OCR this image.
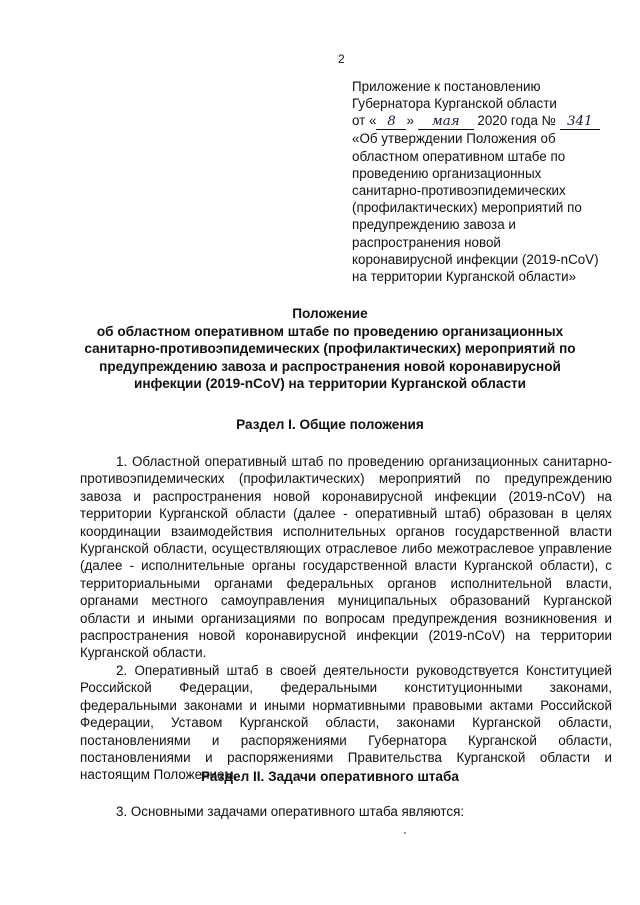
2
Приложение к постановлению
Губернатора Курганской области
от « 8 » мая 2020 года № 341
«Об утверждении Положения об
областном оперативном штабе по
проведению организационных
санитарно-противоэпидемических
(профилактических) мероприятий по
предупреждению завоза и
распространения новой
коронавирусной инфекции (2019-nCoV)
на территории Курганской области»
Положение
об областном оперативном штабе по проведению организационных
санитарно-противоэпидемических (профилактических) мероприятий по
предупреждению завоза и распространения новой коронавирусной
инфекции (2019-nCoV) на территории Курганской области
Раздел I. Общие положения

1. Областной оперативный штаб по проведению организационных санитарно-противоэпидемических (профилактических) мероприятий по предупреждению завоза и распространения новой коронавирусной инфекции (2019-nCoV) на территории Курганской области (далее - оперативный штаб) образован в целях координации взаимодействия исполнительных органов государственной власти Курганской области, осуществляющих отраслевое либо межотраслевое управление (далее - исполнительные органы государственной власти Курганской области), с территориальными органами федеральных органов исполнительной власти, органами местного самоуправления муниципальных образований Курганской области и иными организациями по вопросам предупреждения возникновения и распространения новой коронавирусной инфекции (2019-nCoV) на территории Курганской области.

2. Оперативный штаб в своей деятельности руководствуется Конституцией Российской Федерации, федеральными конституционными законами, федеральными законами и иными нормативными правовыми актами Российской Федерации, Уставом Курганской области, законами Курганской области, постановлениями и распоряжениями Губернатора Курганской области, постановлениями и распоряжениями Правительства Курганской области и настоящим Положением.

Раздел II. Задачи оперативного штаба

3. Основными задачами оперативного штаба являются:
